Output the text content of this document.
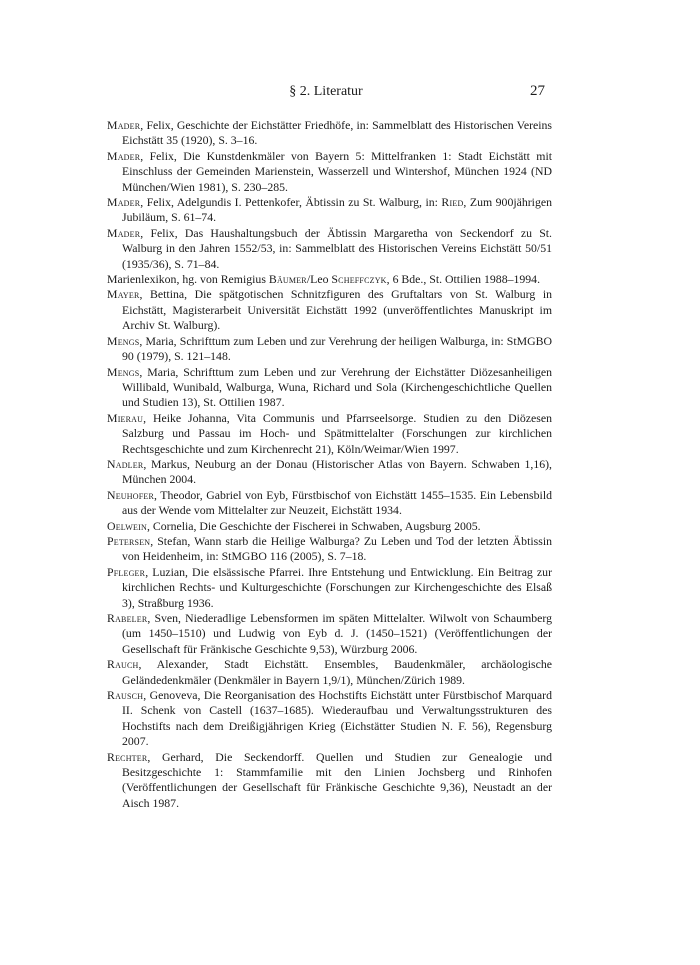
§ 2. Literatur	27
Mader, Felix, Geschichte der Eichstätter Friedhöfe, in: Sammelblatt des Historischen Vereins Eichstätt 35 (1920), S. 3–16.
Mader, Felix, Die Kunstdenkmäler von Bayern 5: Mittelfranken 1: Stadt Eichstätt mit Einschluss der Gemeinden Marienstein, Wasserzell und Wintershof, München 1924 (ND München/Wien 1981), S. 230–285.
Mader, Felix, Adelgundis I. Pettenkofer, Äbtissin zu St. Walburg, in: Ried, Zum 900jährigen Jubiläum, S. 61–74.
Mader, Felix, Das Haushaltungsbuch der Äbtissin Margaretha von Seckendorf zu St. Walburg in den Jahren 1552/53, in: Sammelblatt des Historischen Vereins Eichstätt 50/51 (1935/36), S. 71–84.
Marienlexikon, hg. von Remigius Bäumer/Leo Scheffczyk, 6 Bde., St. Ottilien 1988–1994.
Mayer, Bettina, Die spätgotischen Schnitzfiguren des Gruftaltars von St. Walburg in Eichstätt, Magisterarbeit Universität Eichstätt 1992 (unveröffentlichtes Manuskript im Archiv St. Walburg).
Mengs, Maria, Schrifttum zum Leben und zur Verehrung der heiligen Walburga, in: StMGBO 90 (1979), S. 121–148.
Mengs, Maria, Schrifttum zum Leben und zur Verehrung der Eichstätter Diözesanheiligen Willibald, Wunibald, Walburga, Wuna, Richard und Sola (Kirchengeschichtliche Quellen und Studien 13), St. Ottilien 1987.
Mierau, Heike Johanna, Vita Communis und Pfarrseelsorge. Studien zu den Diözesen Salzburg und Passau im Hoch- und Spätmittelalter (Forschungen zur kirchlichen Rechtsgeschichte und zum Kirchenrecht 21), Köln/Weimar/Wien 1997.
Nadler, Markus, Neuburg an der Donau (Historischer Atlas von Bayern. Schwaben 1,16), München 2004.
Neuhofer, Theodor, Gabriel von Eyb, Fürstbischof von Eichstätt 1455–1535. Ein Lebensbild aus der Wende vom Mittelalter zur Neuzeit, Eichstätt 1934.
Oelwein, Cornelia, Die Geschichte der Fischerei in Schwaben, Augsburg 2005.
Petersen, Stefan, Wann starb die Heilige Walburga? Zu Leben und Tod der letzten Äbtissin von Heidenheim, in: StMGBO 116 (2005), S. 7–18.
Pfleger, Luzian, Die elsässische Pfarrei. Ihre Entstehung und Entwicklung. Ein Beitrag zur kirchlichen Rechts- und Kulturgeschichte (Forschungen zur Kirchengeschichte des Elsaß 3), Straßburg 1936.
Rabeler, Sven, Niederadlige Lebensformen im späten Mittelalter. Wilwolt von Schaumberg (um 1450–1510) und Ludwig von Eyb d. J. (1450–1521) (Veröffentlichungen der Gesellschaft für Fränkische Geschichte 9,53), Würzburg 2006.
Rauch, Alexander, Stadt Eichstätt. Ensembles, Baudenkmäler, archäologische Geländedenkmäler (Denkmäler in Bayern 1,9/1), München/Zürich 1989.
Rausch, Genoveva, Die Reorganisation des Hochstifts Eichstätt unter Fürstbischof Marquard II. Schenk von Castell (1637–1685). Wiederaufbau und Verwaltungsstrukturen des Hochstifts nach dem Dreißigjährigen Krieg (Eichstätter Studien N. F. 56), Regensburg 2007.
Rechter, Gerhard, Die Seckendorff. Quellen und Studien zur Genealogie und Besitzgeschichte 1: Stammfamilie mit den Linien Jochsberg und Rinhofen (Veröffentlichungen der Gesellschaft für Fränkische Geschichte 9,36), Neustadt an der Aisch 1987.
